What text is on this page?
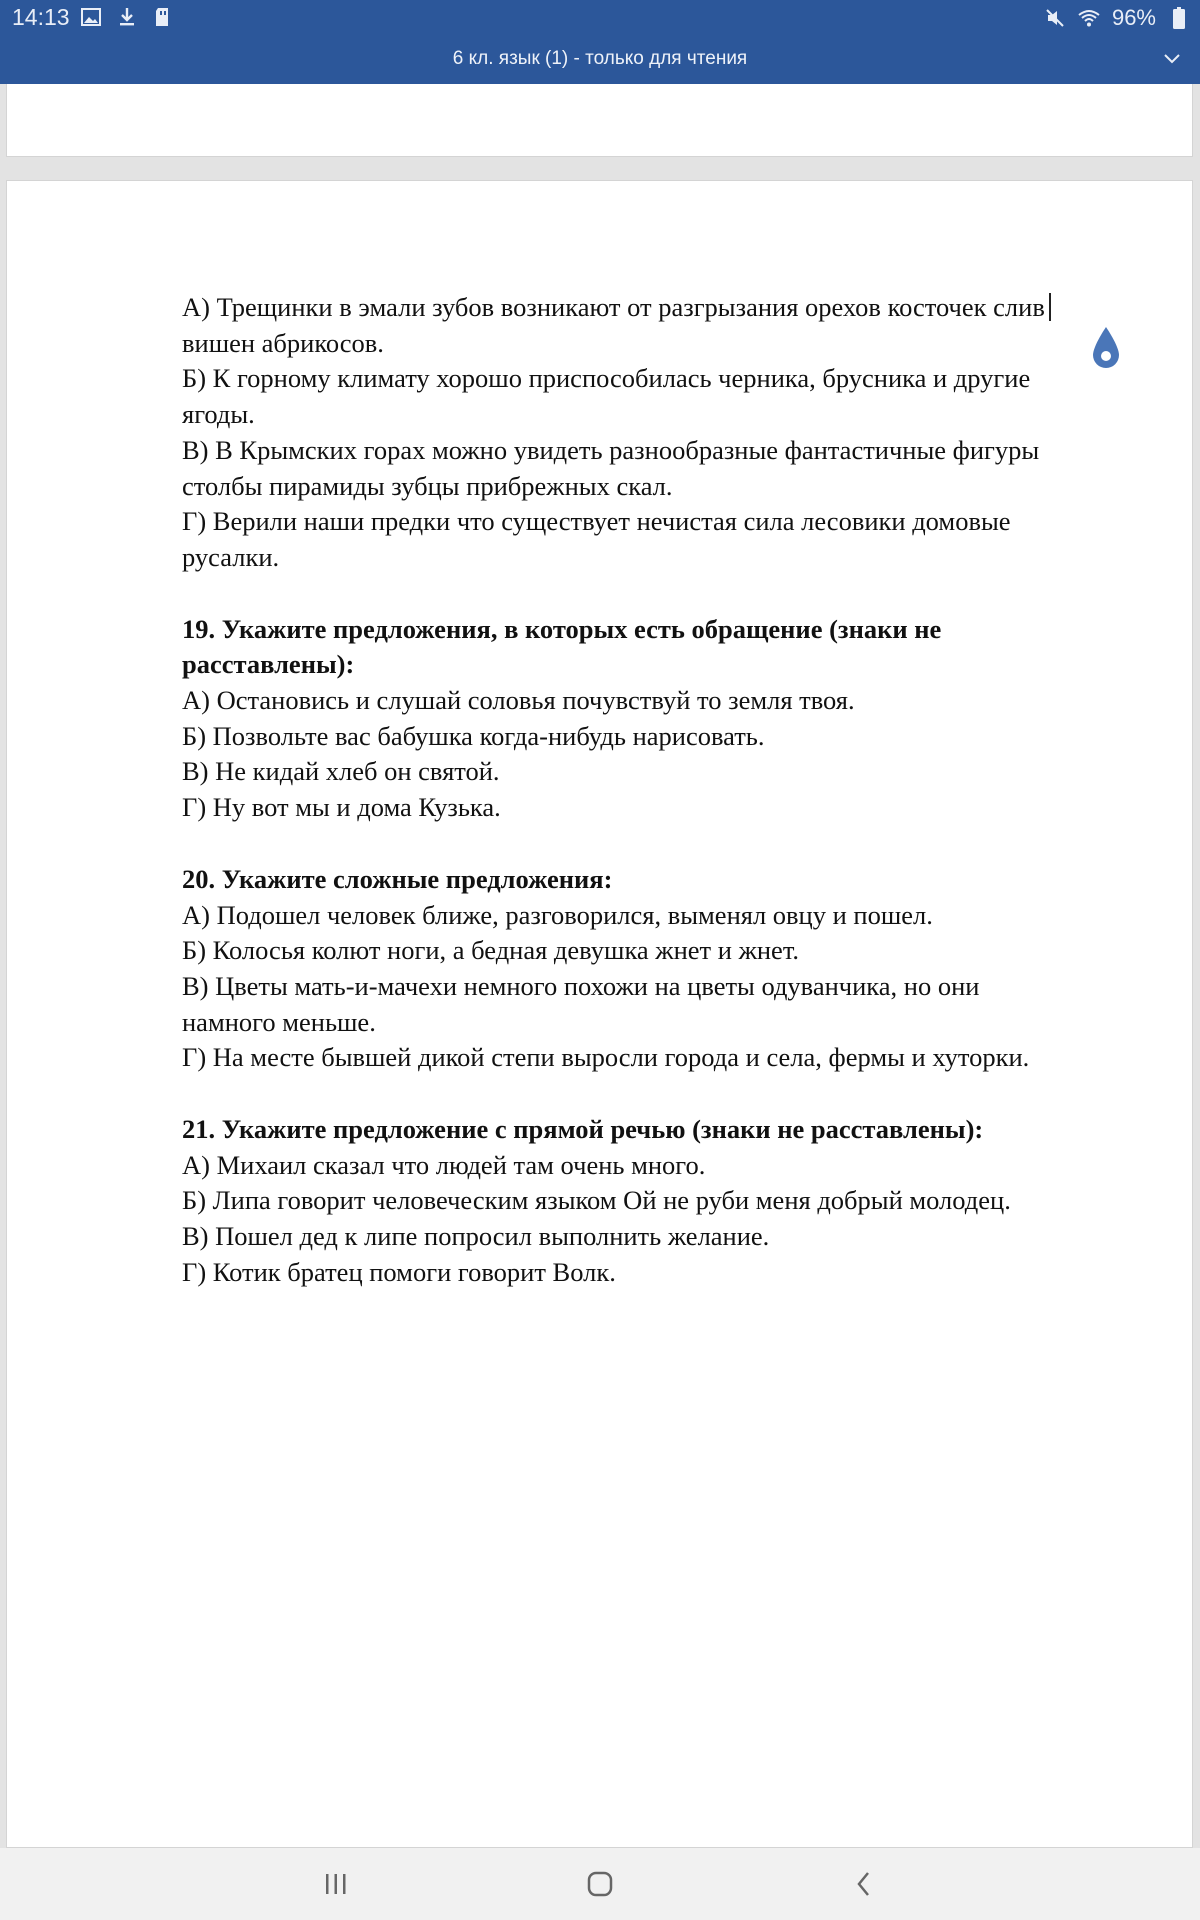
14:13	96%
6 кл. язык (1) - только для чтения

А) Трещинки в эмали зубов возникают от разгрызания орехов косточек слив

вишен абрикосов.

Б) К горному климату хорошо приспособилась черника, брусника и другие

ягоды.

В) В Крымских горах можно увидеть разнообразные фантастичные фигуры

столбы пирамиды зубцы прибрежных скал.

Г) Верили наши предки что существует нечистая сила лесовики домовые

русалки.

19. Укажите предложения, в которых есть обращение (знаки не

расставлены):

А) Остановись и слушай соловья почувствуй то земля твоя.

Б) Позвольте вас бабушка когда-нибудь нарисовать.

В) Не кидай хлеб он святой.

Г) Ну вот мы и дома Кузька.

20. Укажите сложные предложения:

А) Подошел человек ближе, разговорился, выменял овцу и пошел.

Б) Колосья колют ноги, а бедная девушка жнет и жнет.

В) Цветы мать-и-мачехи немного похожи на цветы одуванчика, но они

намного меньше.

Г) На месте бывшей дикой степи выросли города и села, фермы и хуторки.

21. Укажите предложение с прямой речью (знаки не расставлены):

А) Михаил сказал что людей там очень много.

Б) Липа говорит человеческим языком Ой не руби меня добрый молодец.

В) Пошел дед к липе попросил выполнить желание.

Г) Котик братец помоги говорит Волк.
